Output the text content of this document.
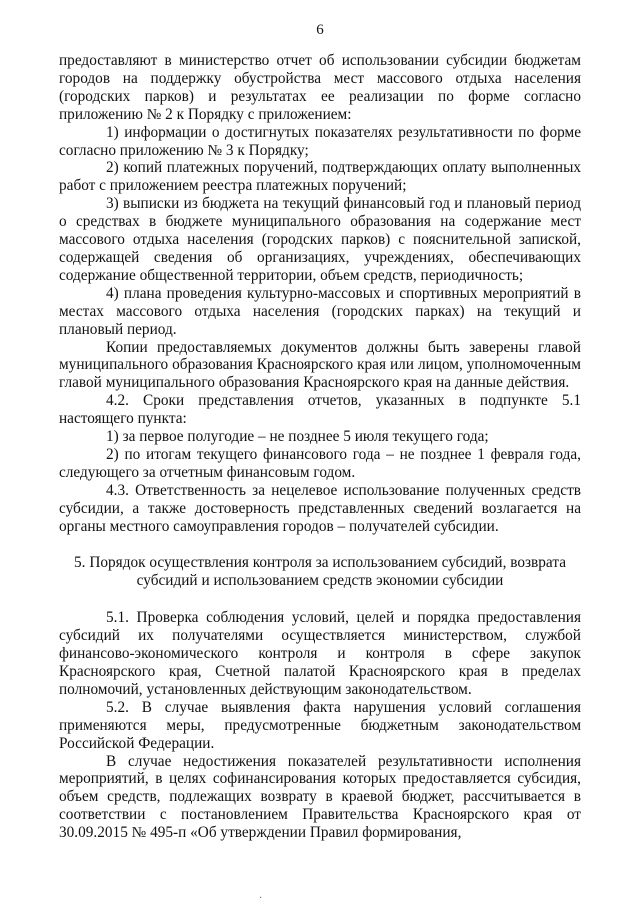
6

предоставляют в министерство отчет об использовании субсидии бюджетам городов на поддержку обустройства мест массового отдыха населения (городских парков) и результатах ее реализации по форме согласно приложению № 2 к Порядку с приложением:

1) информации о достигнутых показателях результативности по форме согласно приложению № 3 к Порядку;

2) копий платежных поручений, подтверждающих оплату выполненных работ с приложением реестра платежных поручений;

3) выписки из бюджета на текущий финансовый год и плановый период о средствах в бюджете муниципального образования на содержание мест массового отдыха населения (городских парков) с пояснительной запиской, содержащей сведения об организациях, учреждениях, обеспечивающих содержание общественной территории, объем средств, периодичность;

4) плана проведения культурно-массовых и спортивных мероприятий в местах массового отдыха населения (городских парках) на текущий и плановый период.

Копии предоставляемых документов должны быть заверены главой муниципального образования Красноярского края или лицом, уполномоченным главой муниципального образования Красноярского края на данные действия.

4.2. Сроки представления отчетов, указанных в подпункте 5.1 настоящего пункта:

1) за первое полугодие – не позднее 5 июля текущего года;

2) по итогам текущего финансового года – не позднее 1 февраля года, следующего за отчетным финансовым годом.

4.3. Ответственность за нецелевое использование полученных средств субсидии, а также достоверность представленных сведений возлагается на органы местного самоуправления городов – получателей субсидии.

5. Порядок осуществления контроля за использованием субсидий, возврата
субсидий и использованием средств экономии субсидии

5.1. Проверка соблюдения условий, целей и порядка предоставления субсидий их получателями осуществляется министерством, службой финансово-экономического контроля и контроля в сфере закупок Красноярского края, Счетной палатой Красноярского края в пределах полномочий, установленных действующим законодательством.

5.2. В случае выявления факта нарушения условий соглашения применяются меры, предусмотренные бюджетным законодательством Российской Федерации.

В случае недостижения показателей результативности исполнения мероприятий, в целях софинансирования которых предоставляется субсидия, объем средств, подлежащих возврату в краевой бюджет, рассчитывается в соответствии с постановлением Правительства Красноярского края от 30.09.2015 № 495-п «Об утверждении Правил формирования,

·
